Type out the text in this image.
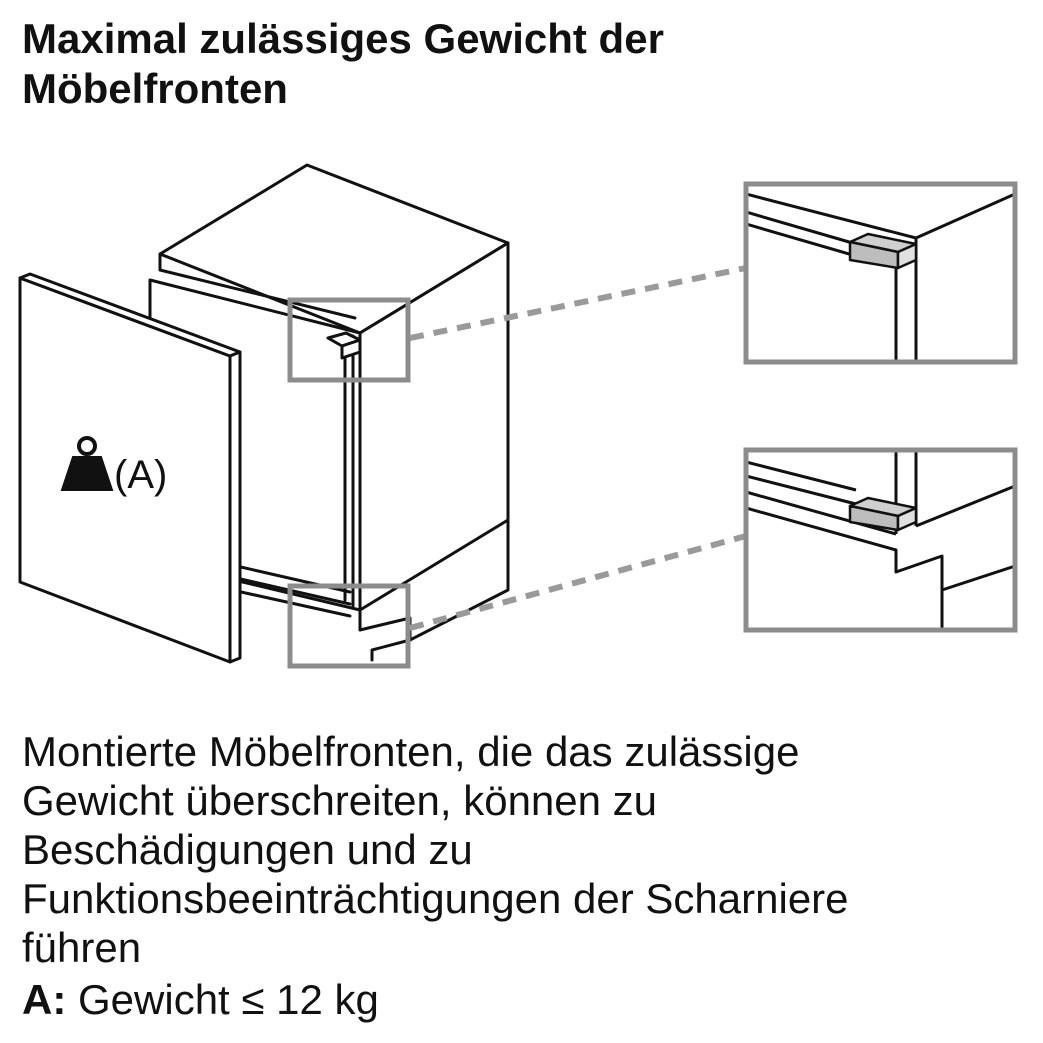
Maximal zulässiges Gewicht der
Möbelfronten
(A)

Montierte Möbelfronten, die das zulässige
Gewicht überschreiten, können zu
Beschädigungen und zu
Funktionsbeeinträchtigungen der Scharniere
führen

A: Gewicht ≤ 12 kg
